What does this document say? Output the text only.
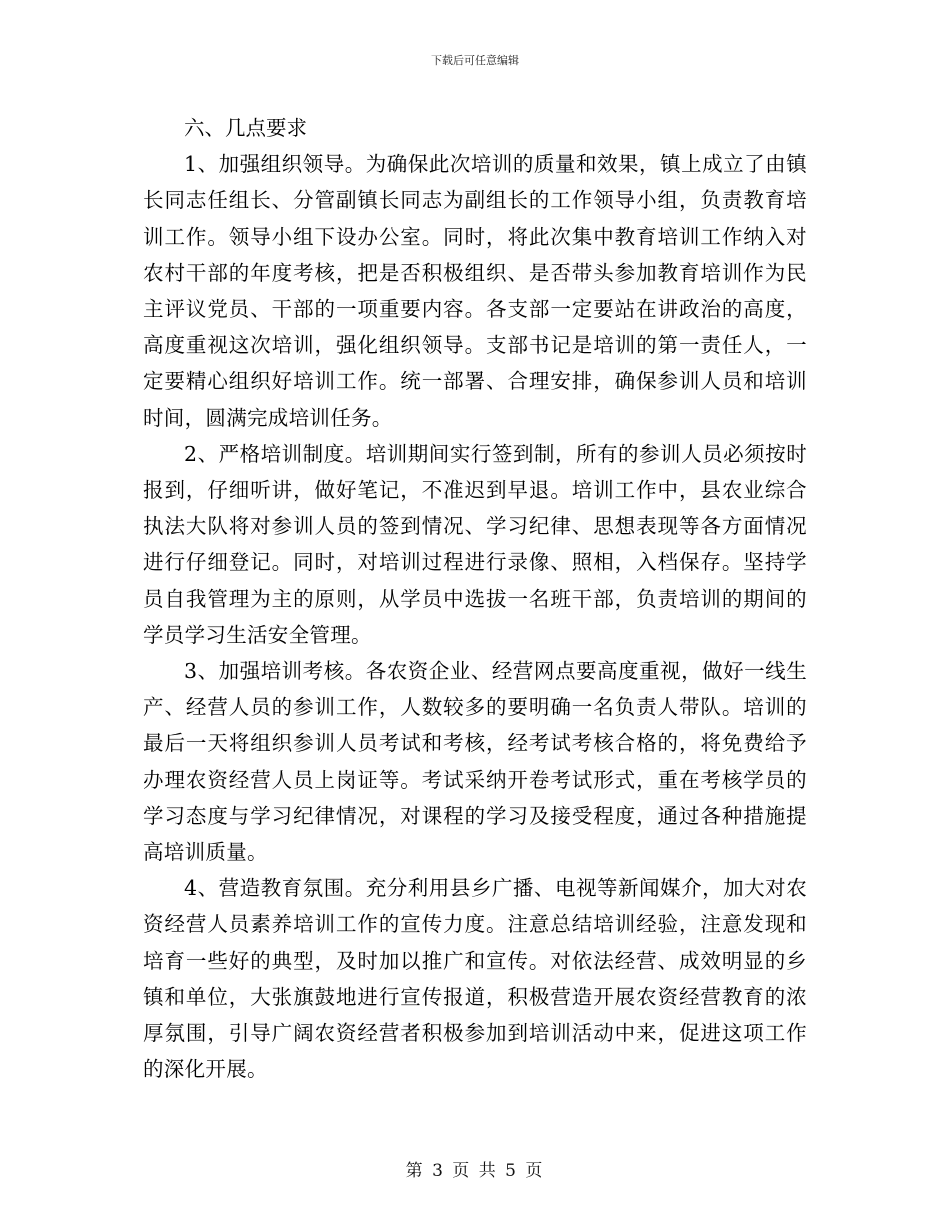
下载后可任意编辑

六、几点要求

1、加强组织领导。为确保此次培训的质量和效果，镇上成立了由镇长同志任组长、分管副镇长同志为副组长的工作领导小组，负责教育培训工作。领导小组下设办公室。同时，将此次集中教育培训工作纳入对农村干部的年度考核，把是否积极组织、是否带头参加教育培训作为民主评议党员、干部的一项重要内容。各支部一定要站在讲政治的高度，高度重视这次培训，强化组织领导。支部书记是培训的第一责任人，一定要精心组织好培训工作。统一部署、合理安排，确保参训人员和培训时间，圆满完成培训任务。

2、严格培训制度。培训期间实行签到制，所有的参训人员必须按时报到，仔细听讲，做好笔记，不准迟到早退。培训工作中，县农业综合执法大队将对参训人员的签到情况、学习纪律、思想表现等各方面情况进行仔细登记。同时，对培训过程进行录像、照相，入档保存。坚持学员自我管理为主的原则，从学员中选拔一名班干部，负责培训的期间的学员学习生活安全管理。

3、加强培训考核。各农资企业、经营网点要高度重视，做好一线生产、经营人员的参训工作，人数较多的要明确一名负责人带队。培训的最后一天将组织参训人员考试和考核，经考试考核合格的，将免费给予办理农资经营人员上岗证等。考试采纳开卷考试形式，重在考核学员的学习态度与学习纪律情况，对课程的学习及接受程度，通过各种措施提高培训质量。

4、营造教育氛围。充分利用县乡广播、电视等新闻媒介，加大对农资经营人员素养培训工作的宣传力度。注意总结培训经验，注意发现和培育一些好的典型，及时加以推广和宣传。对依法经营、成效明显的乡镇和单位，大张旗鼓地进行宣传报道，积极营造开展农资经营教育的浓厚氛围，引导广阔农资经营者积极参加到培训活动中来，促进这项工作的深化开展。

第 3 页 共 5 页
